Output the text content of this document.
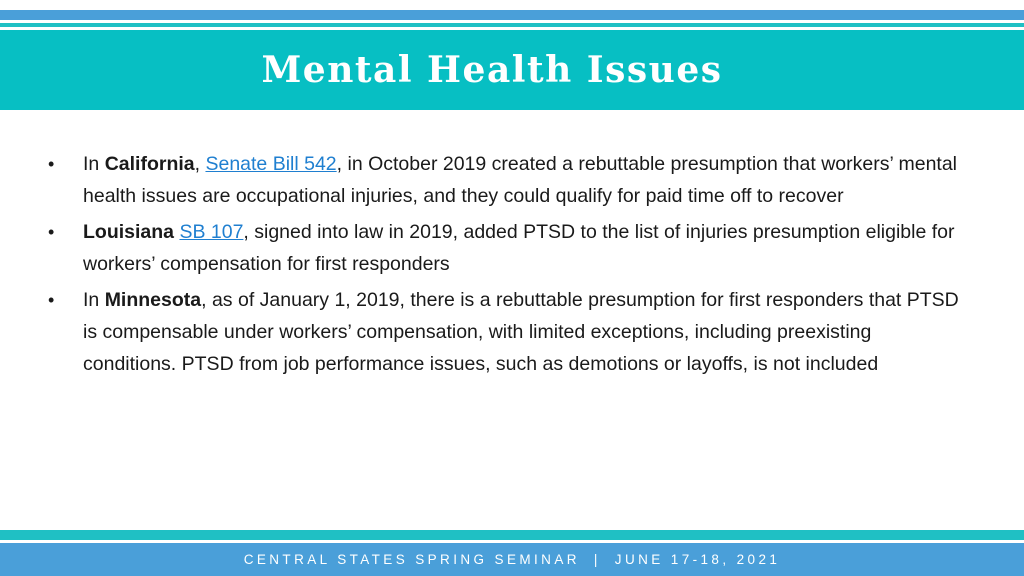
Mental Health Issues
• In California, Senate Bill 542, in October 2019 created a rebuttable presumption that workers’ mental health issues are occupational injuries, and they could qualify for paid time off to recover
• Louisiana SB 107, signed into law in 2019, added PTSD to the list of injuries presumption eligible for workers’ compensation for first responders
• In Minnesota, as of January 1, 2019, there is a rebuttable presumption for first responders that PTSD is compensable under workers’ compensation, with limited exceptions, including preexisting conditions. PTSD from job performance issues, such as demotions or layoffs, is not included
CENTRAL STATES SPRING SEMINAR | JUNE 17-18, 2021
